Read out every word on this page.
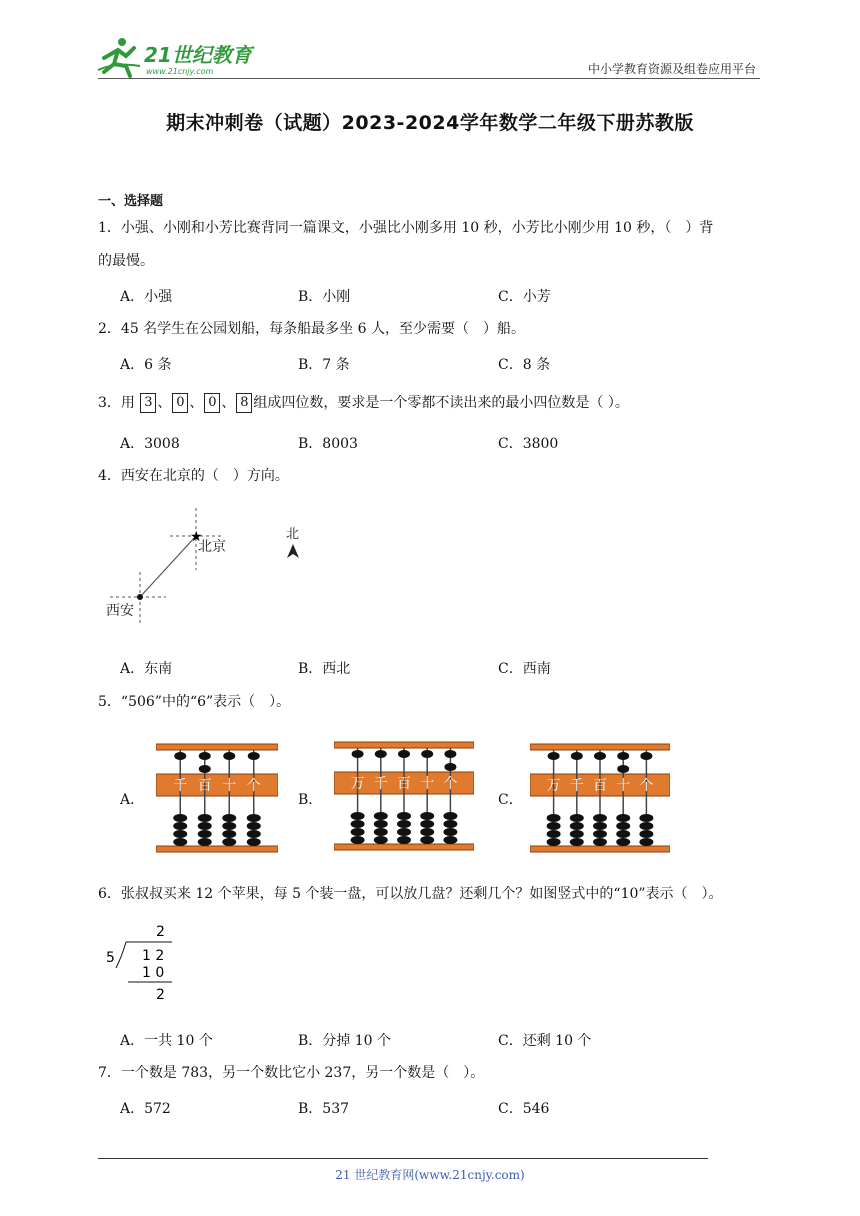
21世纪教育
www.21cnjy.com	中小学教育资源及组卷应用平台
期末冲刺卷（试题）2023-2024学年数学二年级下册苏教版
一、选择题
1．小强、小刚和小芳比赛背同一篇课文，小强比小刚多用 10 秒，小芳比小刚少用 10 秒，（　）背
的最慢。
A．小强	B．小刚	C．小芳
2．45 名学生在公园划船，每条船最多坐 6 人，至少需要（　）船。
A．6 条	B．7 条	C．8 条
3．用 3 、 0 、 0 、 8 组成四位数，要求是一个零都不读出来的最小四位数是（ ）。
A．3008	B．8003	C．3800
4．西安在北京的（　）方向。
★
北京
西安
北
A．东南	B．西北	C．西南
5．“506”中的“6”表示（　）。
A．	B．	C．
千 百 十 个	万 千 百 十 个	万 千 百 十 个
6．张叔叔买来 12 个苹果，每 5 个装一盘，可以放几盘？还剩几个？如图竖式中的“10”表示（　）。
2
5 1 2
1 0
2
A．一共 10 个	B．分掉 10 个	C．还剩 10 个
7．一个数是 783，另一个数比它小 237，另一个数是（　）。
A．572	B．537	C．546
21 世纪教育网(www.21cnjy.com)
